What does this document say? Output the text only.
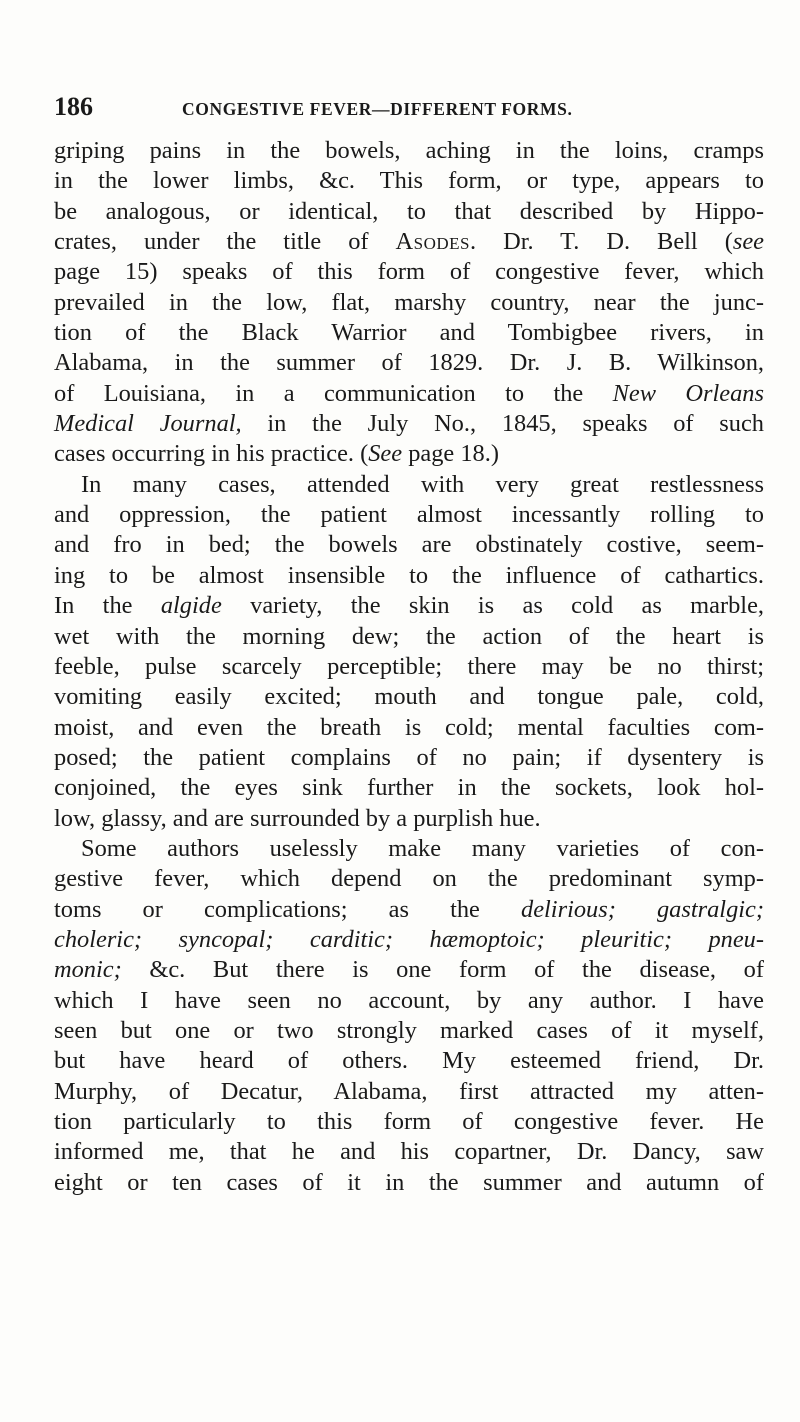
186	CONGESTIVE FEVER—DIFFERENT FORMS.
griping pains in the bowels, aching in the loins, cramps
in the lower limbs, &c. This form, or type, appears to
be analogous, or identical, to that described by Hippo-
crates, under the title of Asodes. Dr. T. D. Bell (see
page 15) speaks of this form of congestive fever, which
prevailed in the low, flat, marshy country, near the junc-
tion of the Black Warrior and Tombigbee rivers, in
Alabama, in the summer of 1829. Dr. J. B. Wilkinson,
of Louisiana, in a communication to the New Orleans
Medical Journal, in the July No., 1845, speaks of such
cases occurring in his practice. (See page 18.)
In many cases, attended with very great restlessness
and oppression, the patient almost incessantly rolling to
and fro in bed; the bowels are obstinately costive, seem-
ing to be almost insensible to the influence of cathartics.
In the algide variety, the skin is as cold as marble,
wet with the morning dew; the action of the heart is
feeble, pulse scarcely perceptible; there may be no thirst;
vomiting easily excited; mouth and tongue pale, cold,
moist, and even the breath is cold; mental faculties com-
posed; the patient complains of no pain; if dysentery is
conjoined, the eyes sink further in the sockets, look hol-
low, glassy, and are surrounded by a purplish hue.
Some authors uselessly make many varieties of con-
gestive fever, which depend on the predominant symp-
toms or complications; as the delirious; gastralgic;
choleric; syncopal; carditic; hæmoptoic; pleuritic; pneu-
monic; &c. But there is one form of the disease, of
which I have seen no account, by any author. I have
seen but one or two strongly marked cases of it myself,
but have heard of others. My esteemed friend, Dr.
Murphy, of Decatur, Alabama, first attracted my atten-
tion particularly to this form of congestive fever. He
informed me, that he and his copartner, Dr. Dancy, saw
eight or ten cases of it in the summer and autumn of
